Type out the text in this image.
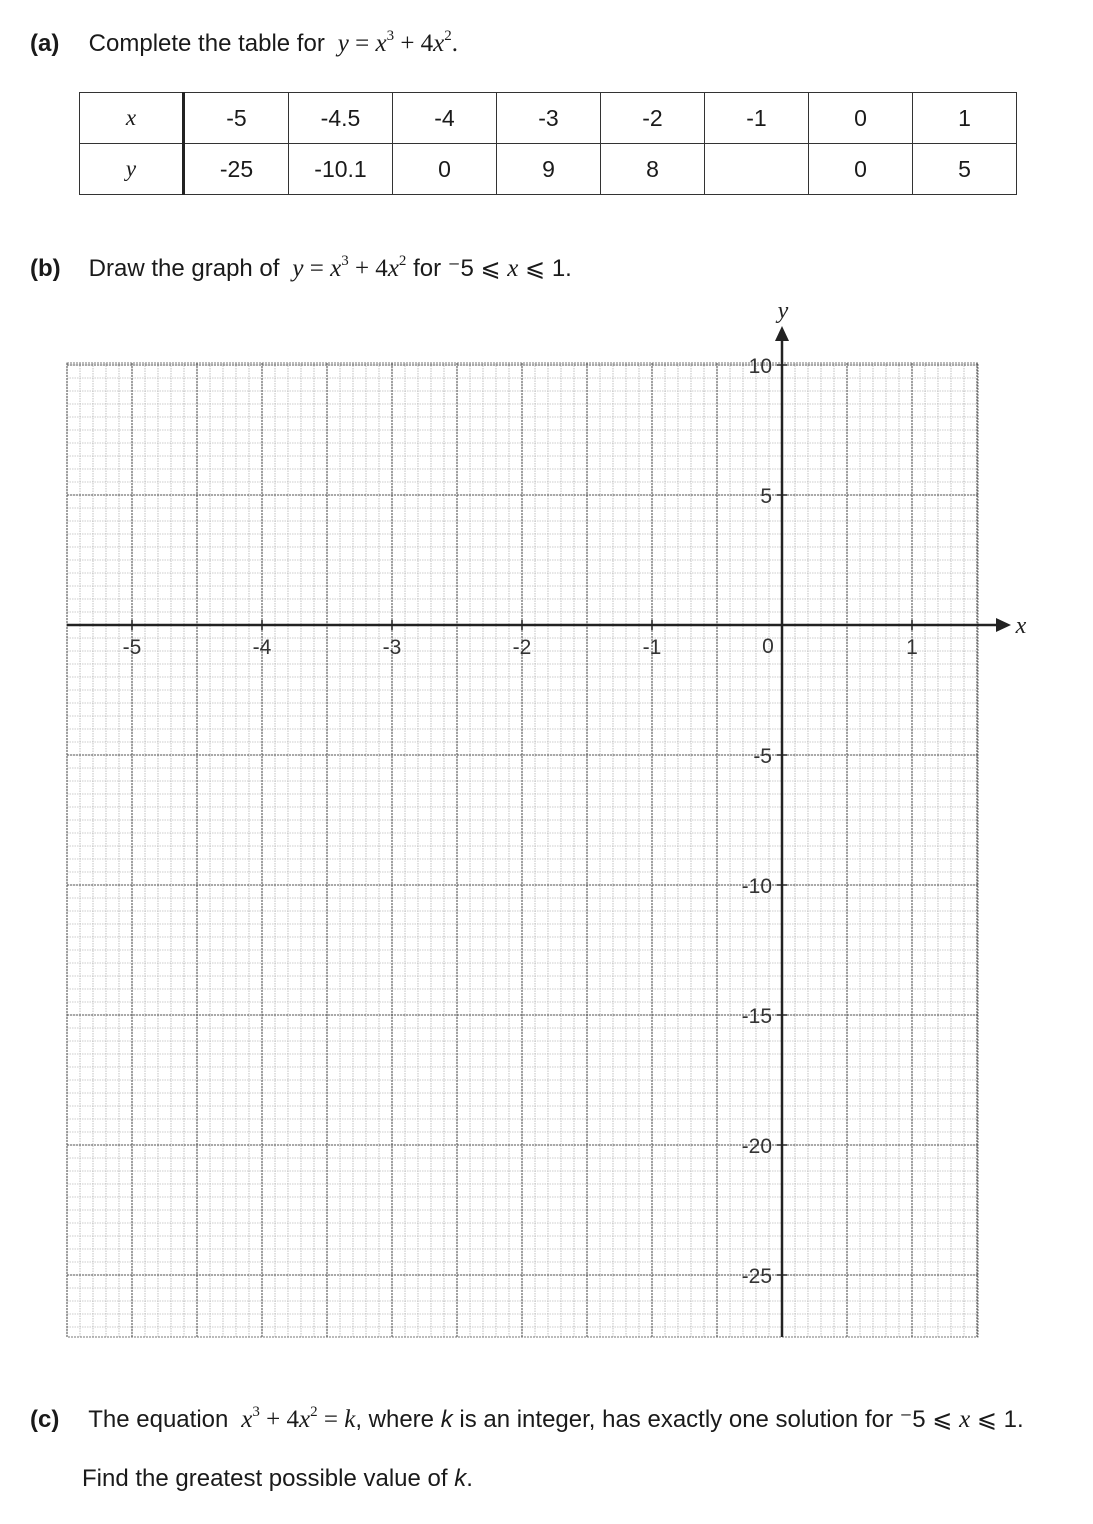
(a) Complete the table for $y = x^3 + 4x^2$.
x	-5	-4.5	-4	-3	-2	-1	0	1
y	-25	-10.1	0	9	8		0	5
(b) Draw the graph of $y = x^3 + 4x^2$ for ⁻5 ⩽ x ⩽ 1.
-5	-4	-3	-2	-1	1
0
10
5
-5
-10
-15
-20
-25
x
y
(c) The equation $x^3 + 4x^2 = k$, where k is an integer, has exactly one solution for ⁻5 ⩽ x ⩽ 1.
Find the greatest possible value of k.
